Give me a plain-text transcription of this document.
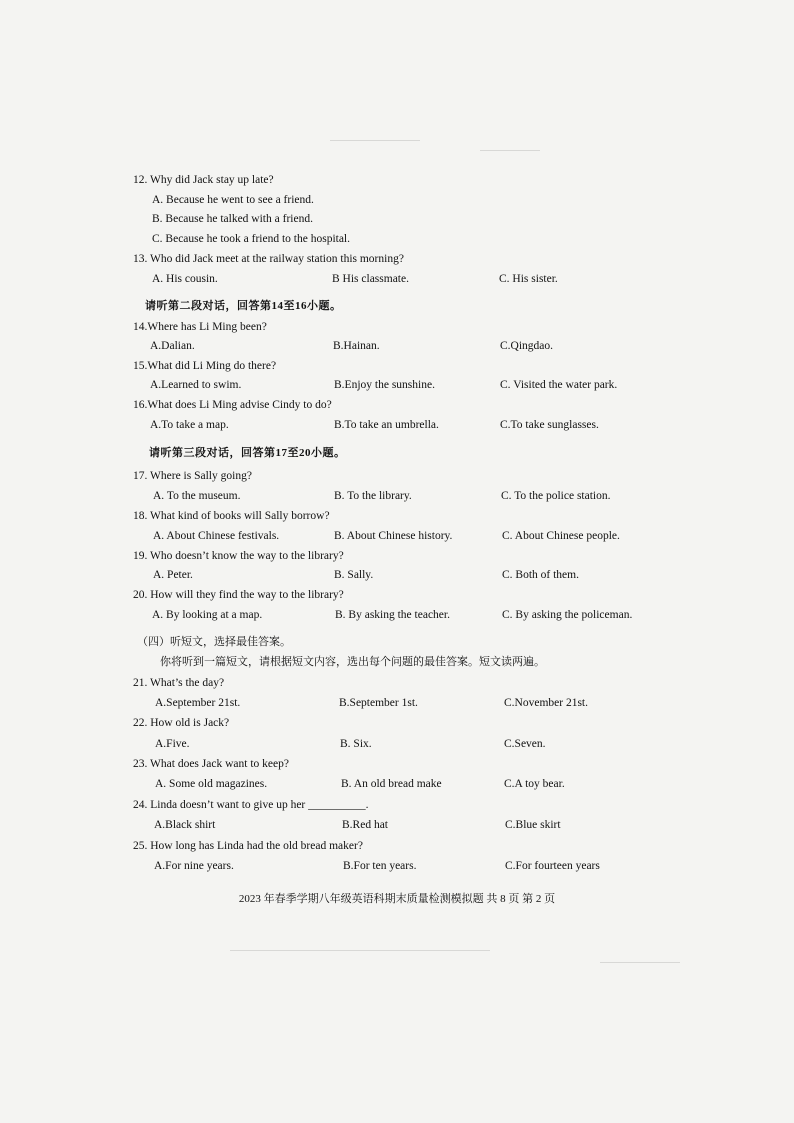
12. Why did Jack stay up late?
A. Because he went to see a friend.
B. Because he talked with a friend.
C. Because he took a friend to the hospital.
13. Who did Jack meet at the railway station this morning?
A. His cousin.	B His classmate.	C. His sister.
请听第二段对话，回答第14至16小题。
14.Where has Li Ming been?
A.Dalian.	B.Hainan.	C.Qingdao.
15.What did Li Ming do there?
A.Learned to swim.	B.Enjoy the sunshine.	C. Visited the water park.
16.What does Li Ming advise Cindy to do?
A.To take a map.	B.To take an umbrella.	C.To take sunglasses.
请听第三段对话，回答第17至20小题。
17. Where is Sally going?
A. To the museum.	B. To the library.	C. To the police station.
18. What kind of books will Sally borrow?
A. About Chinese festivals.	B. About Chinese history.	C. About Chinese people.
19. Who doesn’t know the way to the library?
A. Peter.	B. Sally.	C. Both of them.
20. How will they find the way to the library?
A. By looking at a map.	B. By asking the teacher.	C. By asking the policeman.
（四）听短文，选择最佳答案。
你将听到一篇短文，请根据短文内容，选出每个问题的最佳答案。短文读两遍。
21. What’s the day?
A.September 21st.	B.September 1st.	C.November 21st.
22. How old is Jack?
A.Five.	B. Six.	C.Seven.
23. What does Jack want to keep?
A. Some old magazines.	B. An old bread make	C.A toy bear.
24. Linda doesn’t want to give up her __________.
A.Black shirt	B.Red hat	C.Blue skirt
25. How long has Linda had the old bread maker?
A.For nine years.	B.For ten years.	C.For fourteen years
2023 年春季学期八年级英语科期末质量检测模拟题 共 8 页 第 2 页
